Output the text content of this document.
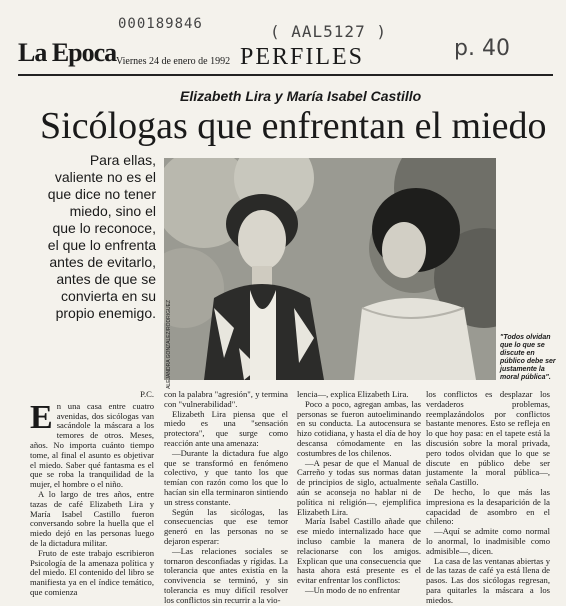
000189846	( AAL5127 )
p. 40
La Epoca Viernes 24 de enero de 1992 PERFILES
Elizabeth Lira y María Isabel Castillo
Sicólogas que enfrentan el miedo
Para ellas, valiente no es el que dice no tener miedo, sino el que lo reconoce, el que lo enfrenta antes de evitarlo, antes de que se convierta en su propio enemigo. ALEJANDRA GONZALEZ/RODRIGUEZ	"Todos olvidan que lo que se discute en público debe ser justamente la moral pública".
P.C.
E n una casa entre cuatro avenidas, dos sicólogas van sacándole la máscara a los temores de otros. Meses, años. No importa cuánto tiempo tome, al final el asunto es objetivar el miedo. Saber qué fantasma es el que se roba la tranquilidad de la mujer, el hombre o el niño.

A lo largo de tres años, entre tazas de café Elizabeth Lira y María Isabel Castillo fueron conversando sobre la huella que el miedo dejó en las personas luego de la dictadura militar.

Fruto de este trabajo escribieron Psicología de la amenaza política y del miedo. El contenido del libro se manifiesta ya en el índice temático, que comienza

con la palabra "agresión", y termina con "vulnerabilidad".

Elizabeth Lira piensa que el miedo es una "sensación protectora", que surge como reacción ante una amenaza:

—Durante la dictadura fue algo que se transformó en fenómeno colectivo, y que tanto los que temían con razón como los que lo hacían sin ella terminaron sintiendo un stress constante.

Según las sicólogas, las consecuencias que ese temor generó en las personas no se dejaron esperar:

—Las relaciones sociales se tornaron desconfiadas y rígidas. La tolerancia que antes existía en la convivencia se terminó, y sin tolerancia es muy difícil resolver los conflictos sin recurrir a la vio-

lencia—, explica Elizabeth Lira.

Poco a poco, agregan ambas, las personas se fueron autoeliminando en su conducta. La autocensura se hizo cotidiana, y hasta el día de hoy descansa cómodamente en las costumbres de los chilenos.

—A pesar de que el Manual de Carreño y todas sus normas datan de principios de siglo, actualmente aún se aconseja no hablar ni de política ni religión—, ejemplifica Elizabeth Lira.

María Isabel Castillo añade que ese miedo internalizado hace que incluso cambie la manera de relacionarse con los amigos. Explican que una consecuencia que hasta ahora está presente es el evitar enfrentar los conflictos:

—Un modo de no enfrentar

los conflictos es desplazar los verdaderos problemas, reemplazándolos por conflictos bastante menores. Esto se refleja en lo que hoy pasa: en el tapete está la discusión sobre la moral privada, pero todos olvidan que lo que se discute en público debe ser justamente la moral pública—, señala Castillo.

De hecho, lo que más las impresiona es la desaparición de la capacidad de asombro en el chileno:

—Aquí se admite como normal lo anormal, lo inadmisible como admisible—, dicen.

La casa de las ventanas abiertas y de las tazas de café ya está llena de pasos. Las dos sicólogas regresan, para quitarles la máscara a los miedos.
